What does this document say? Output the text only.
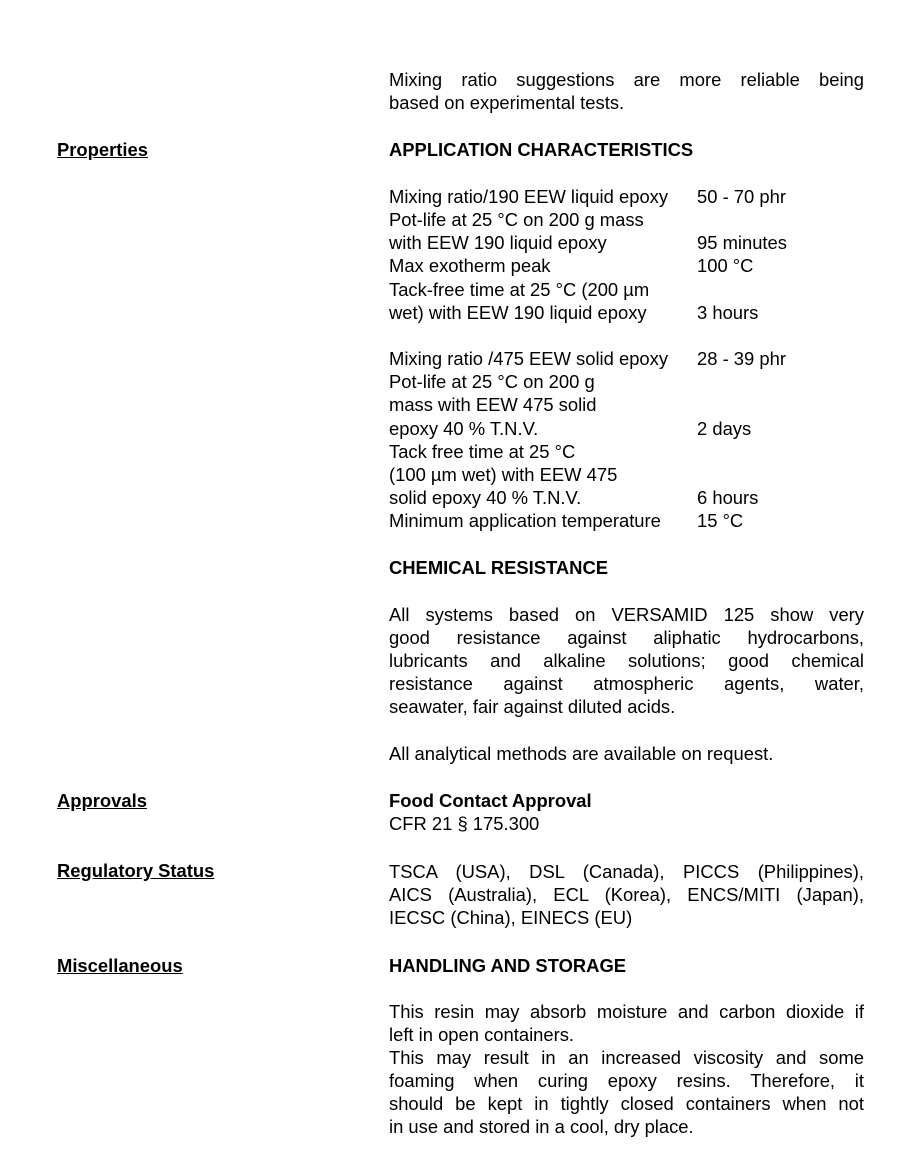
Mixing ratio suggestions are more reliable being
based on experimental tests.
Properties	APPLICATION CHARACTERISTICS
Mixing ratio/190 EEW liquid epoxy 50 - 70 phr
Pot-life at 25 °C on 200 g mass
with EEW 190 liquid epoxy	95 minutes
Max exotherm peak	100 °C
Tack-free time at 25 °C (200 µm
wet) with EEW 190 liquid epoxy	3 hours
Mixing ratio /475 EEW solid epoxy 28 - 39 phr
Pot-life at 25 °C on 200 g
mass with EEW 475 solid
epoxy 40 % T.N.V.	2 days
Tack free time at 25 °C
(100 µm wet) with EEW 475
solid epoxy 40 % T.N.V.	6 hours
Minimum application temperature 15 °C
CHEMICAL RESISTANCE
All systems based on VERSAMID 125 show very
good resistance against aliphatic hydrocarbons,
lubricants and alkaline solutions; good chemical
resistance against atmospheric agents, water,
seawater, fair against diluted acids.
All analytical methods are available on request.
Approvals	Food Contact Approval
CFR 21 § 175.300
Regulatory Status	TSCA (USA), DSL (Canada), PICCS (Philippines),
AICS (Australia), ECL (Korea), ENCS/MITI (Japan),
IECSC (China), EINECS (EU)
Miscellaneous	HANDLING AND STORAGE
This resin may absorb moisture and carbon dioxide if
left in open containers.
This may result in an increased viscosity and some
foaming when curing epoxy resins. Therefore, it
should be kept in tightly closed containers when not
in use and stored in a cool, dry place.
